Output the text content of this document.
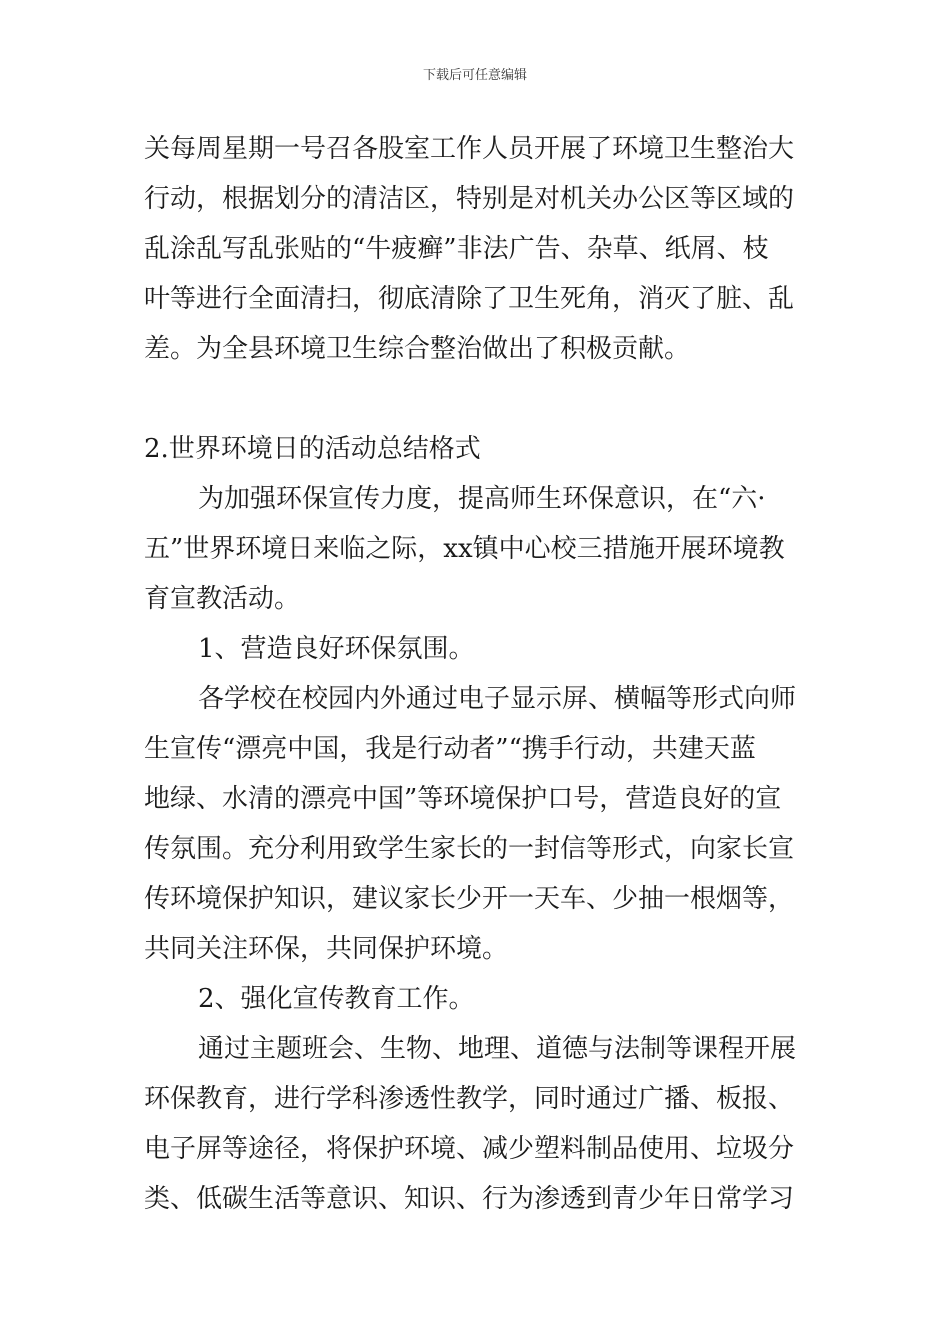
下载后可任意编辑
关每周星期一号召各股室工作人员开展了环境卫生整治大
行动，根据划分的清洁区，特别是对机关办公区等区域的
乱涂乱写乱张贴的“牛疲癣”非法广告、杂草、纸屑、枝
叶等进行全面清扫，彻底清除了卫生死角，消灭了脏、乱
差。为全县环境卫生综合整治做出了积极贡献。
2.世界环境日的活动总结格式
为加强环保宣传力度，提高师生环保意识，在“六·
五”世界环境日来临之际，xx镇中心校三措施开展环境教
育宣教活动。
1、营造良好环保氛围。
各学校在校园内外通过电子显示屏、横幅等形式向师
生宣传“漂亮中国，我是行动者”“携手行动，共建天蓝
地绿、水清的漂亮中国”等环境保护口号，营造良好的宣
传氛围。充分利用致学生家长的一封信等形式，向家长宣
传环境保护知识，建议家长少开一天车、少抽一根烟等，
共同关注环保，共同保护环境。
2、强化宣传教育工作。
通过主题班会、生物、地理、道德与法制等课程开展
环保教育，进行学科渗透性教学，同时通过广播、板报、
电子屏等途径，将保护环境、减少塑料制品使用、垃圾分
类、低碳生活等意识、知识、行为渗透到青少年日常学习
